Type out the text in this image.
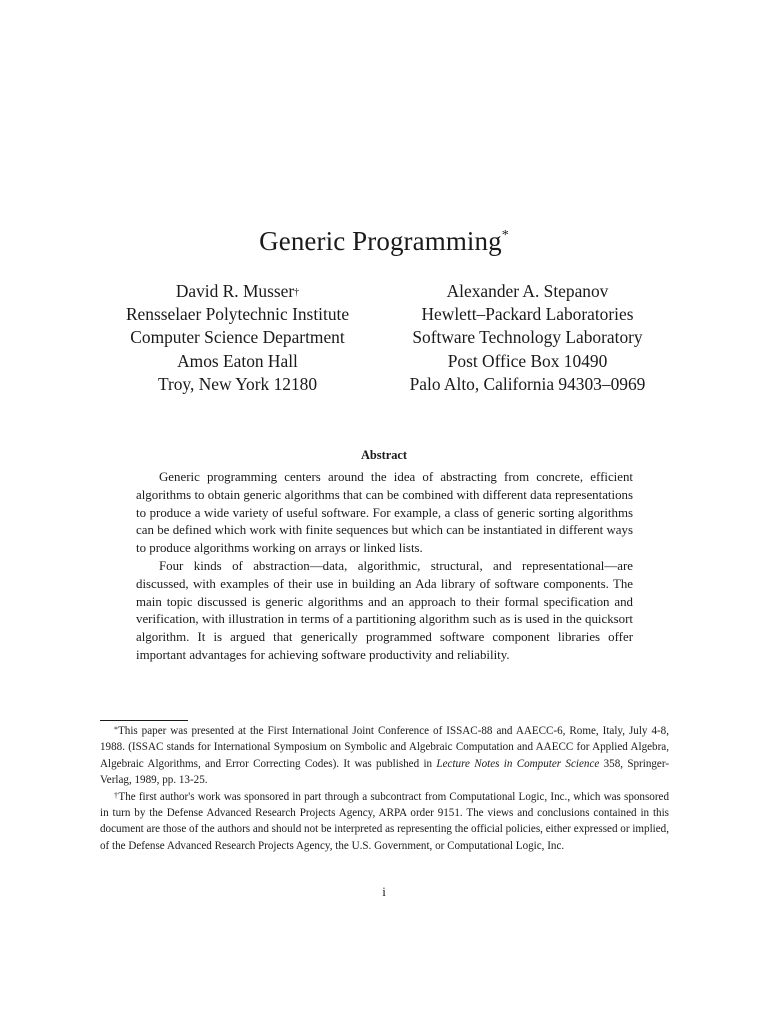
Generic Programming*
David R. Musser†
Rensselaer Polytechnic Institute
Computer Science Department
Amos Eaton Hall
Troy, New York 12180
Alexander A. Stepanov
Hewlett–Packard Laboratories
Software Technology Laboratory
Post Office Box 10490
Palo Alto, California 94303–0969
Abstract

Generic programming centers around the idea of abstracting from concrete, efficient algorithms to obtain generic algorithms that can be combined with different data representations to produce a wide variety of useful software. For example, a class of generic sorting algorithms can be defined which work with finite sequences but which can be instantiated in different ways to produce algorithms working on arrays or linked lists.

Four kinds of abstraction—data, algorithmic, structural, and representational—are discussed, with examples of their use in building an Ada library of software components. The main topic discussed is generic algorithms and an approach to their formal specification and verification, with illustration in terms of a partitioning algorithm such as is used in the quicksort algorithm. It is argued that generically programmed software component libraries offer important advantages for achieving software productivity and reliability.

*This paper was presented at the First International Joint Conference of ISSAC-88 and AAECC-6, Rome, Italy, July 4-8, 1988. (ISSAC stands for International Symposium on Symbolic and Algebraic Computation and AAECC for Applied Algebra, Algebraic Algorithms, and Error Correcting Codes). It was published in Lecture Notes in Computer Science 358, Springer-Verlag, 1989, pp. 13-25.

†The first author's work was sponsored in part through a subcontract from Computational Logic, Inc., which was sponsored in turn by the Defense Advanced Research Projects Agency, ARPA order 9151. The views and conclusions contained in this document are those of the authors and should not be interpreted as representing the official policies, either expressed or implied, of the Defense Advanced Research Projects Agency, the U.S. Government, or Computational Logic, Inc.

i
